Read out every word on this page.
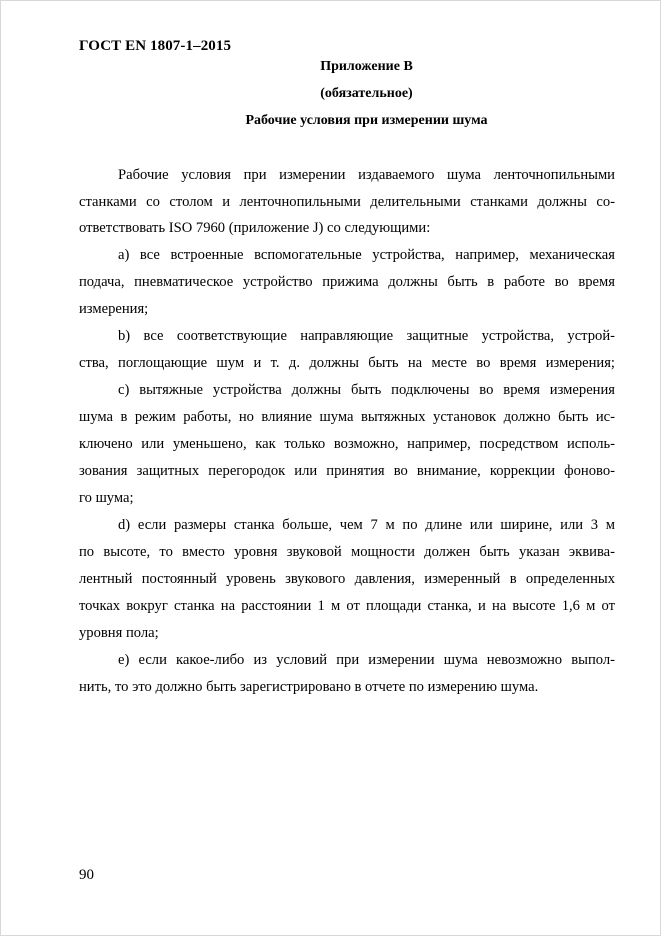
ГОСТ EN 1807-1–2015
Приложение В
(обязательное)
Рабочие условия при измерении шума
Рабочие условия при измерении издаваемого шума ленточнопильными
станками со столом и ленточнопильными делительными станками должны со-
ответствовать ISO 7960 (приложение J) со следующими:
a) все встроенные вспомогательные устройства, например, механическая
подача, пневматическое устройство прижима должны быть в работе во время
измерения;
b) все соответствующие направляющие защитные устройства, устрой-
ства, поглощающие шум и т. д. должны быть на месте во время измерения;
c) вытяжные устройства должны быть подключены во время измерения
шума в режим работы, но влияние шума вытяжных установок должно быть ис-
ключено или уменьшено, как только возможно, например, посредством исполь-
зования защитных перегородок или принятия во внимание, коррекции фоново-
го шума;
d) если размеры станка больше, чем 7 м по длине или ширине, или 3 м
по высоте, то вместо уровня звуковой мощности должен быть указан эквива-
лентный постоянный уровень звукового давления, измеренный в определенных
точках вокруг станка на расстоянии 1 м от площади станка, и на высоте 1,6 м от
уровня пола;
e) если какое-либо из условий при измерении шума невозможно выпол-
нить, то это должно быть зарегистрировано в отчете по измерению шума.
90
